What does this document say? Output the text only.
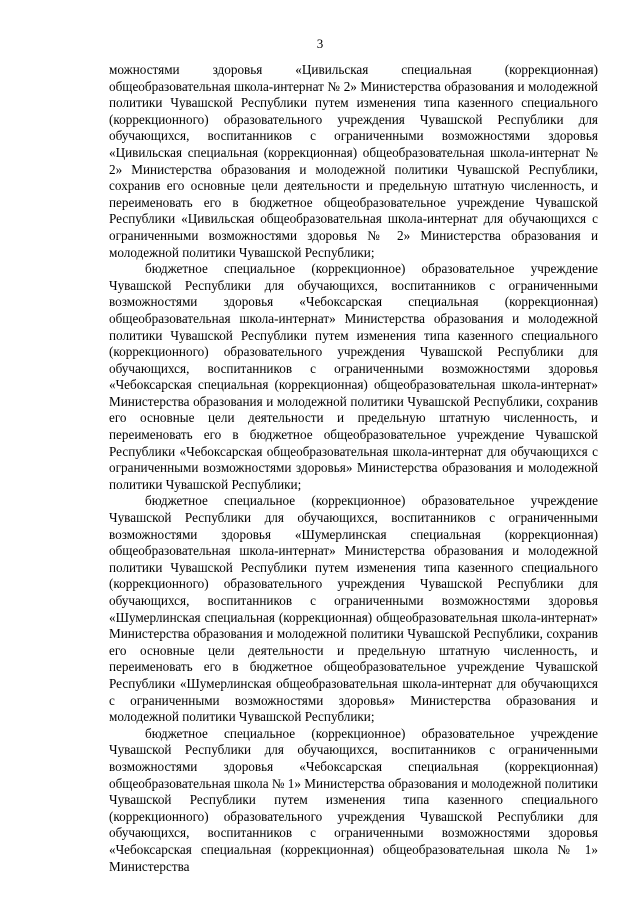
3

можностями здоровья «Цивильская специальная (коррекционная) общеобразовательная школа-интернат № 2» Министерства образования и молодежной политики Чувашской Республики путем изменения типа казенного специального (коррекционного) образовательного учреждения Чувашской Республики для обучающихся, воспитанников с ограниченными возможностями здоровья «Цивильская специальная (коррекционная) общеобразовательная школа-интернат № 2» Министерства образования и молодежной политики Чувашской Республики, сохранив его основные цели деятельности и предельную штатную численность, и переименовать его в бюджетное общеобразовательное учреждение Чувашской Республики «Цивильская общеобразовательная школа-интернат для обучающихся с ограниченными возможностями здоровья № 2» Министерства образования и молодежной политики Чувашской Республики;

бюджетное специальное (коррекционное) образовательное учреждение Чувашской Республики для обучающихся, воспитанников с ограниченными возможностями здоровья «Чебоксарская специальная (коррекционная) общеобразовательная школа-интернат» Министерства образования и молодежной политики Чувашской Республики путем изменения типа казенного специального (коррекционного) образовательного учреждения Чувашской Республики для обучающихся, воспитанников с ограниченными возможностями здоровья «Чебоксарская специальная (коррекционная) общеобразовательная школа-интернат» Министерства образования и молодежной политики Чувашской Республики, сохранив его основные цели деятельности и предельную штатную численность, и переименовать его в бюджетное общеобразовательное учреждение Чувашской Республики «Чебоксарская общеобразовательная школа-интернат для обучающихся с ограниченными возможностями здоровья» Министерства образования и молодежной политики Чувашской Республики;

бюджетное специальное (коррекционное) образовательное учреждение Чувашской Республики для обучающихся, воспитанников с ограниченными возможностями здоровья «Шумерлинская специальная (коррекционная) общеобразовательная школа-интернат» Министерства образования и молодежной политики Чувашской Республики путем изменения типа казенного специального (коррекционного) образовательного учреждения Чувашской Республики для обучающихся, воспитанников с ограниченными возможностями здоровья «Шумерлинская специальная (коррекционная) общеобразовательная школа-интернат» Министерства образования и молодежной политики Чувашской Республики, сохранив его основные цели деятельности и предельную штатную численность, и переименовать его в бюджетное общеобразовательное учреждение Чувашской Республики «Шумерлинская общеобразовательная школа-интернат для обучающихся с ограниченными возможностями здоровья» Министерства образования и молодежной политики Чувашской Республики;

бюджетное специальное (коррекционное) образовательное учреждение Чувашской Республики для обучающихся, воспитанников с ограниченными возможностями здоровья «Чебоксарская специальная (коррекционная) общеобразовательная школа № 1» Министерства образования и молодежной политики Чувашской Республики путем изменения типа казенного специального (коррекционного) образовательного учреждения Чувашской Республики для обучающихся, воспитанников с ограниченными возможностями здоровья «Чебоксарская специальная (коррекционная) общеобразовательная школа № 1» Министерства
